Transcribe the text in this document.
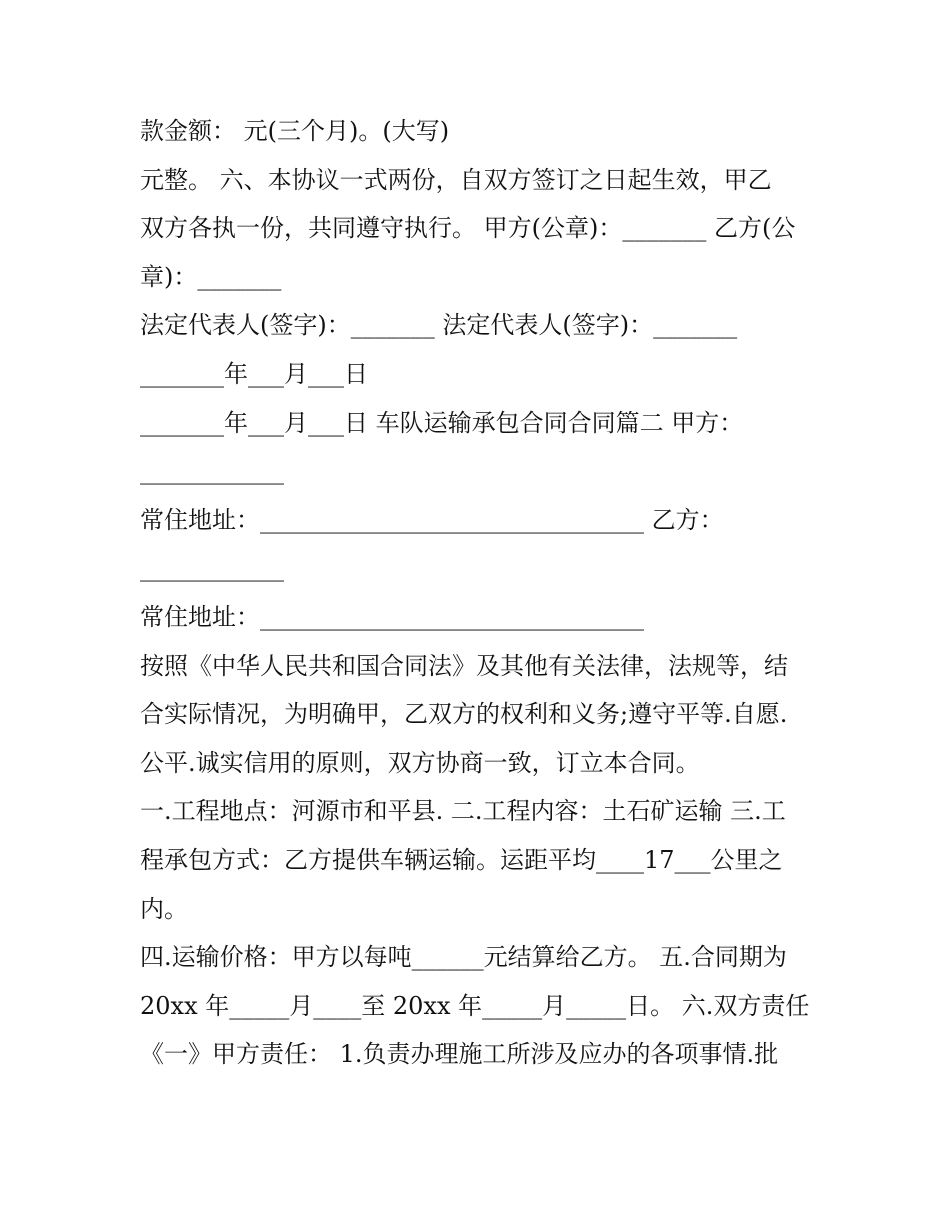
款金额： 元(三个月)。(大写)
元整。 六、本协议一式两份，自双方签订之日起生效，甲乙
双方各执一份，共同遵守执行。 甲方(公章)：_______ 乙方(公
章)：_______
法定代表人(签字)：_______ 法定代表人(签字)：_______
_______年___月___日
_______年___月___日 车队运输承包合同合同篇二 甲方：
____________
常住地址：________________________________ 乙方：
____________
常住地址：________________________________
按照《中华人民共和国合同法》及其他有关法律，法规等，结
合实际情况，为明确甲，乙双方的权利和义务;遵守平等.自愿.
公平.诚实信用的原则，双方协商一致，订立本合同。
一.工程地点：河源市和平县. 二.工程内容：土石矿运输 三.工
程承包方式：乙方提供车辆运输。运距平均____17___公里之
内。
四.运输价格：甲方以每吨______元结算给乙方。 五.合同期为
20xx 年_____月____至 20xx 年_____月_____日。 六.双方责任
《一》甲方责任： 1.负责办理施工所涉及应办的各项事情.批
